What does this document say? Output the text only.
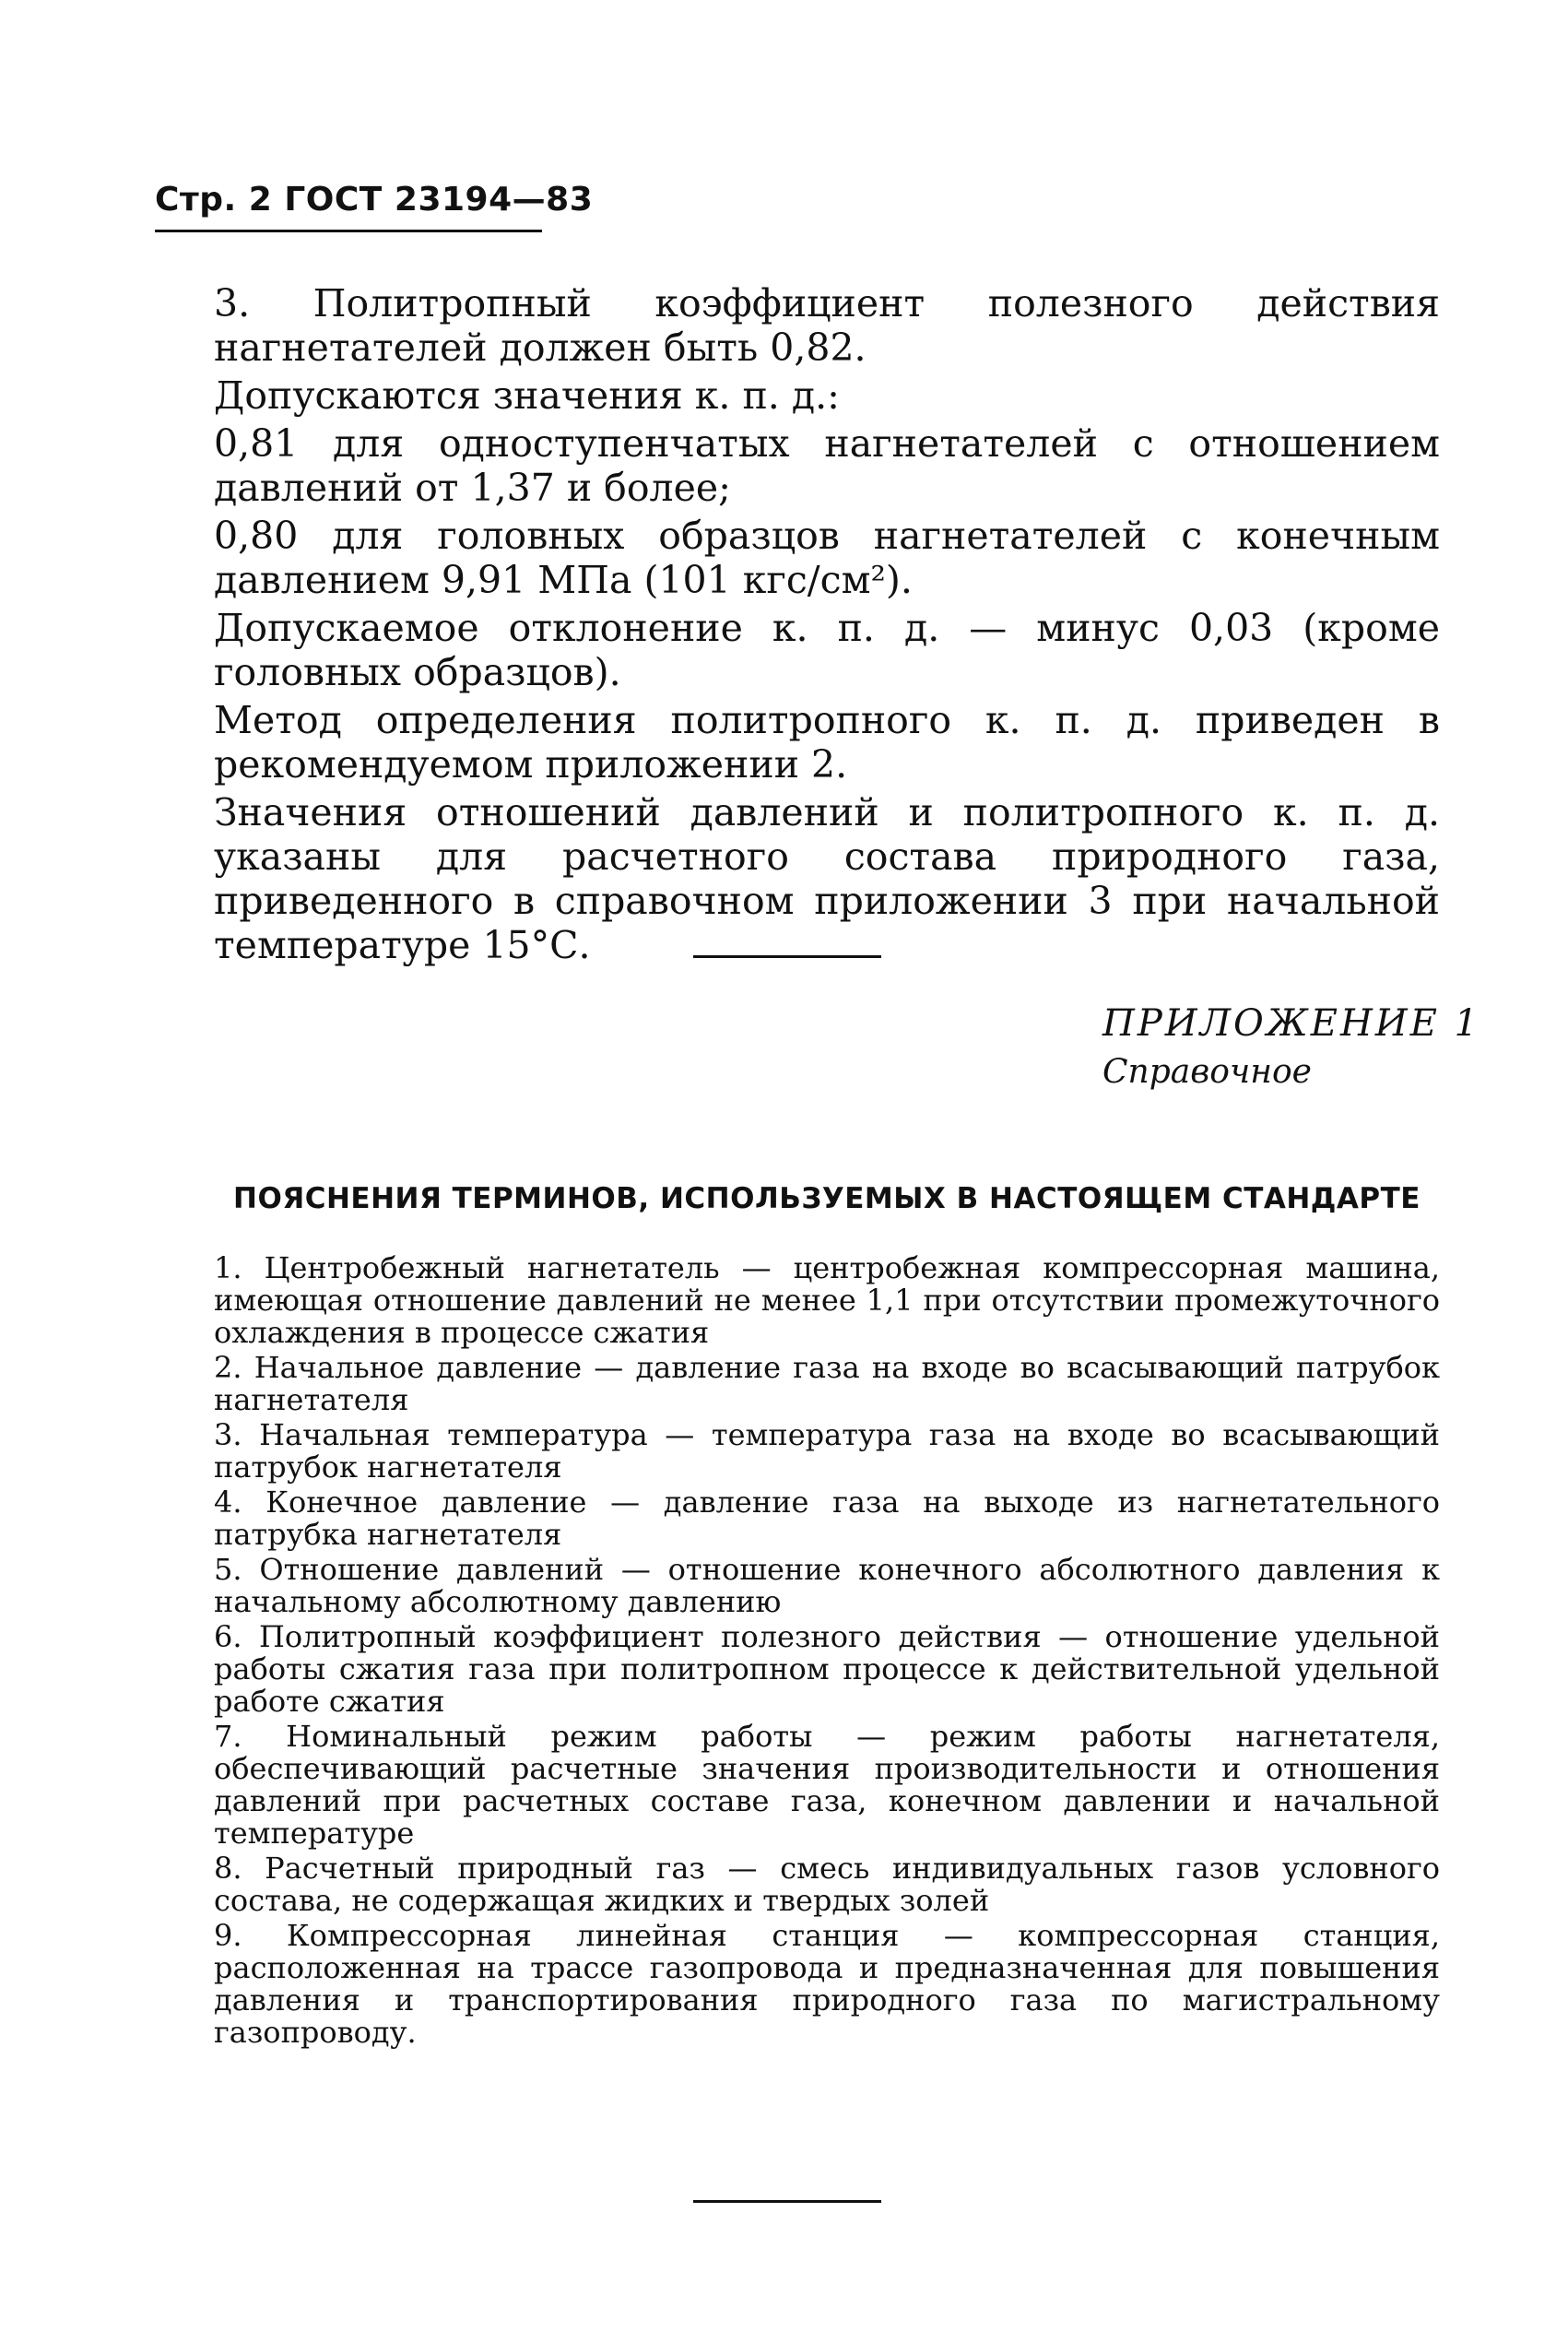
Стр. 2 ГОСТ 23194—83

3. Политропный коэффициент полезного действия нагнетателей должен быть 0,82.

Допускаются значения к. п. д.:

0,81 для одноступенчатых нагнетателей с отношением давлений от 1,37 и более;

0,80 для головных образцов нагнетателей с конечным давлением 9,91 МПа (101 кгс/см²).

Допускаемое отклонение к. п. д. — минус 0,03 (кроме головных образцов).

Метод определения политропного к. п. д. приведен в рекомендуемом приложении 2.

Значения отношений давлений и политропного к. п. д. указаны для расчетного состава природного газа, приведенного в справочном приложении 3 при начальной температуре 15°С.

ПРИЛОЖЕНИЕ 1
Справочное
ПОЯСНЕНИЯ ТЕРМИНОВ, ИСПОЛЬЗУЕМЫХ В НАСТОЯЩЕМ СТАНДАРТЕ

1. Центробежный нагнетатель — центробежная компрессорная машина, имеющая отношение давлений не менее 1,1 при отсутствии промежуточного охлаждения в процессе сжатия

2. Начальное давление — давление газа на входе во всасывающий патрубок нагнетателя

3. Начальная температура — температура газа на входе во всасывающий патрубок нагнетателя

4. Конечное давление — давление газа на выходе из нагнетательного патрубка нагнетателя

5. Отношение давлений — отношение конечного абсолютного давления к начальному абсолютному давлению

6. Политропный коэффициент полезного действия — отношение удельной работы сжатия газа при политропном процессе к действительной удельной работе сжатия

7. Номинальный режим работы — режим работы нагнетателя, обеспечивающий расчетные значения производительности и отношения давлений при расчетных составе газа, конечном давлении и начальной температуре

8. Расчетный природный газ — смесь индивидуальных газов условного состава, не содержащая жидких и твердых золей

9. Компрессорная линейная станция — компрессорная станция, расположенная на трассе газопровода и предназначенная для повышения давления и транспортирования природного газа по магистральному газопроводу.
